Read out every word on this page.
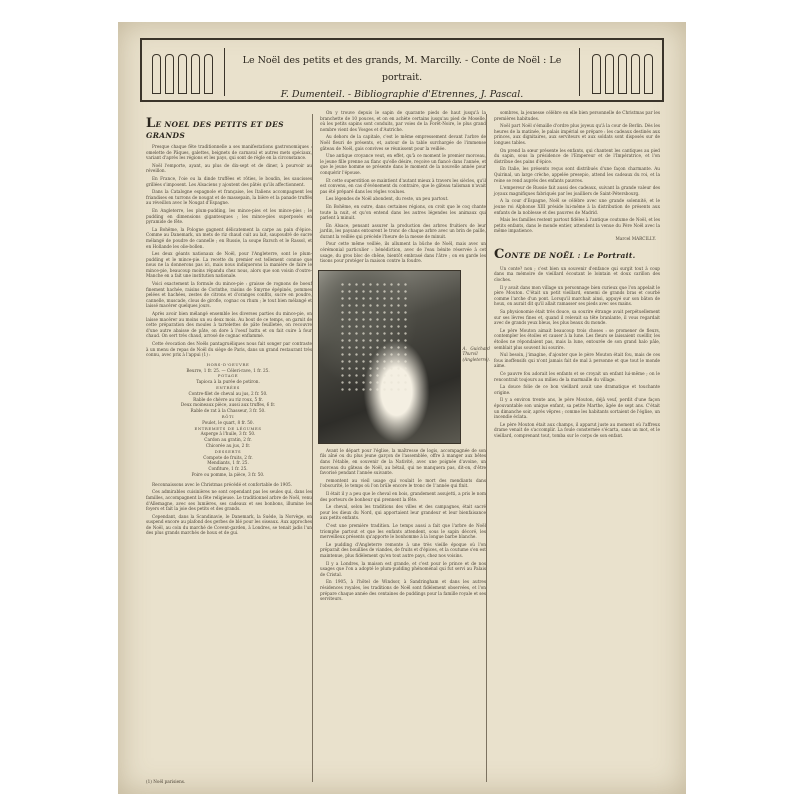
Le Noël des petits et des grands, M. Marcilly. - Conte de Noël : Le portrait.
F. Dumenteil. - Bibliographie d'Etrennes, J. Pascal.
LE NOEL DES PETITS ET DES GRANDS

Presque chaque fête traditionnelle a ses manifestations gastronomiques : omelette de Pâques, galettes, beignets de carnaval et autres mets spéciaux, variant d'après les régions et les pays, qui sont de règle en la circonstance.

Noël l'emporte, ayant, au plus de dix-sept et de diner, à pourvoir au réveillon.

En France, l'oie ou la dinde truffées et rôties, le boudin, les saucisses grillées s'imposent. Les Alsaciens y ajoutent des pâtés qu'ils affectionnent.

Dans la Catalogne espagnole et française, les Italiens accompagnent les friandises en turrons de nougat et de massepain, la bière et la panade truffés au réveillon avec le Nougat d'Espagne.

En Angleterre, les plum-pudding, les mince-pies et les mince-pies ; le pudding en dimensions gigantesques ; les mince-pies superposés en pyramide de fête.

La Bohême, la Pologne gagnent délicatement la carpe au pain d'épice. Comme au Danemark, un mets de riz chaud cuit au lait, saupoudré de sucre mélangé de poudre de cannelle ; en Russie, la soupe Barsch et le Rassol, et en Hollande les olie-bollen.

Les deux géants nationaux de Noël, pour l'Angleterre, sont le plum-pudding et le mince-pie. La recette du premier est tellement connue que nous ne la donnerons pas ici, mais nous indiquerons la manière de faire le mince-pie, beaucoup moins répandu chez nous, alors que son voisin d'outre-Manche en a fait une institution nationale.

Voici exactement la formule du mince-pie : graisse de rognons de boeuf finement hachée, raisins de Corinthe, raisins de Smyrne épépinés, pommes pelées et hachées, zestes de citrons et d'oranges confits, sucre en poudre, cannelle, muscade, clous de girofle, cognac ou rhum ; le tout bien mélangé et laissé macérer quelques jours.

Après avoir bien mélangé ensemble les diverses parties du mince-pie, on laisse macérer au moins un ou deux mois. Au bout de ce temps, on garnit de cette préparation des moules à tartelettes de pâte feuilletée, on recouvre d'une autre abaisse de pâte, on dore à l'oeuf battu et on fait cuire à four chaud. On sert très chaud, arrosé de cognac enflammé.

Cette évocation des Noëls pantagruéliques nous fait songer par contraste à un menu de repas de Noël du siège de Paris, dans un grand restaurant très connu, avec prix à l'appui (1) :

HORS-D'OEUVRE
Beurre, 1 fr. 25. — Céleri-rave, 1 fr. 25.
POTAGE
Tapioca à la purée de potiron.
ENTRÉES
Contre-filet de cheval au jus, 2 fr. 50.
Rable de chèvre au riz roux, 5 fr.
Deux moineaux pièce, aussi aux truffes, 6 fr.
Rable de rat à la Chasseur, 3 fr. 50.
RÔTI
Poulet, le quart, 8 fr. 50.
ENTREMETS DE LÉGUMES
Asperge à l'huile, 3 fr. 50.
Cardon au gratin, 2 fr.
Chicorée au jus, 2 fr.
DESSERTS
Compote de fruits, 2 fr.
Mendiants, 1 fr. 25.
Confiture, 1 fr. 25.
Poire ou pomme, la pièce, 3 fr. 50.

Reconnaissons avec le Christmas précédé et confortable de 1905.

Ces admirables cuisinières ne sont cependant pas les seules qui, dans les familles, accompagnent la fête religieuse. Le traditionnel arbre de Noël, venu d'Allemagne, avec ses lumières, ses cadeaux et ses bonbons, illumine les foyers et fait la joie des petits et des grands.

Cependant, dans la Scandinavie, le Danemark, la Suède, la Norvège, on suspend encore au plafond des gerbes de blé pour les oiseaux. Aux approches de Noël, au coin du marché de Covent-garden, à Londres, se tenait jadis l'un des plus grands marchés de houx et de gui.

On y trouve depuis le sapin de quarante pieds de haut jusqu'à la branchette de 10 pouces, et on en achète certains jusqu'au pied de Moselle, où les petits sapins sont conduits, par voies de la Forêt-Noire, le plus grand nombre vient des Vosges et d'Autriche.

Au dehors de la capitale, c'est le même empressement devant l'arbre de Noël fleuri de présents, et, autour de la table surchargée de l'immense gâteau de Noël, gais convives se réunissent pour la veillée.

Une antique croyance veut, en effet, qu'à ce moment le premier morceau, le jeune fille prenne au flanc qu'elle désire, reçoive un fiancé dans l'année, et que le jeune homme se présente dans le moment de la nouvelle année pour conquérir l'épouse.

Et cette superstition se maintient d'autant mieux à travers les siècles, qu'il est convenu, en cas d'évènement du contraire, que le gâteau talisman n'avait pas été préparé dans les règles voulues.

Les légendes de Noël abondent, du reste, un peu partout.

En Bohême, en outre, dans certaines régions, on croit que le coq chante toute la nuit, et qu'on entend dans les autres légendes les animaux qui parlent à minuit.

En Alsace, pensant assurer la production des arbres fruitiers de leur jardin, les paysans entourent le tronc de chaque arbre avec un brin de paille, durant la veillée qui précède l'heure de la messe de minuit.

Pour cette même veillée, ils allument la bûche de Noël, mais avec un cérémonial particulier : bénédiction, avec de l'eau bénite réservée à cet usage, du gros bloc de chêne, bientôt embrasé dans l'âtre ; on en garde les tisons pour protéger la maison contre la foudre.

A. Guichard Thurvil (Angleterre).

Avant le départ pour l'église, la maîtresse de logis, accompagnée de son fils aîné ou du plus jeune garçon de l'assemblée, offre à manger aux bêtes dans l'étable, en souvenir de la Nativité, avec une poignée d'avoine, un morceau du gâteau de Noël, au bétail, qui ne manquera pas, dit-on, d'être favorisé pendant l'année suivante.

remontent au vieil usage qui voulait le mort des mendiants dans l'obscurité, le temps où l'on brûle encore le tronc de 1'année qui finit.

Il était il y a peu que le cheval en bois, grandement assujetti, a pris le nom des porteurs de bonheur qui prennent la fête.

Le cheval, selon les traditions des villes et des campagnes, était sacré pour les dieux du Nord, qui apportaient leur grandeur et leur bienfaisance aux petits enfants.

C'est une première tradition. Le temps aussi a fait que l'arbre de Noël triomphe partout et que les enfants attendent, sous le sapin décoré, les merveilleux présents qu'apporte le bonhomme à la longue barbe blanche.

Le pudding d'Angleterre remonte à une très vieille époque où l'on préparait des bouillies de viandes, de fruits et d'épices, et la coutume s'en est maintenue, plus fidèlement qu'en tout autre pays, chez nos voisins.

Il y a Londres, la maison est grande, et c'est pour le prince et de nos usages que l'on a adopté le plum-pudding phénoménal qui fut servi au Palais de Cristal.

En 1905, à l'hôtel de Windsor, à Sandringham et dans les autres résidences royales, les traditions de Noël sont fidèlement observées, et l'on prépare chaque année des centaines de puddings pour la famille royale et ses serviteurs.

sombres, la jeunesse célèbre en elle bien personnelle de Christmas par les premières habitudes.

Noël part Noël s'émaille d'ordre plus joyeux qu'à la cour de Berlin. Dès les heures de la matinée, le palais impérial se prépare : les cadeaux destinés aux princes, aux dignitaires, aux serviteurs et aux soldats sont disposés sur de longues tables.

On prend la sœur présente les enfants, qui chantent les cantiques au pied du sapin, sous la présidence de l'Empereur et de l'Impératrice, et l'on distribue des pains d'épice.

En Italie, les présents reçus sont distribués d'une façon charmante. Au Quirinal, un large crèche, appelée presepio, attend les cadeaux du roi, et la reine se rend auprès des enfants pauvres.

L'empereur de Russie fait aussi des cadeaux, suivant la grande valeur des joyaux magnifiques fabriqués par les joailliers de Saint-Pétersbourg.

A la cour d'Espagne, Noël se célèbre avec une grande solennité, et le jeune roi Alphonse XIII préside lui-même à la distribution de présents aux enfants de la noblesse et des pauvres de Madrid.

Mais les familles restent partout fidèles à l'antique coutume de Noël, et les petits enfants, dans le monde entier, attendent la venue du Père Noël avec la même impatience.

Marcel MARCILLY.
CONTE DE NOËL : Le Portrait.

Un conte? non ; c'est bien un souvenir d'enfance qui surgit tout à coup dans ma mémoire de vieillard écoutant le lointain et doux carillon des cloches.

Il y avait dans mon village un personnage bien curieux que l'on appelait le père Mouton. C'était un petit vieillard, ennemi de grands bras et courbé comme l'arche d'un pont. Lorsqu'il marchait ainsi, appuyé sur son bâton de houx, on aurait dit qu'il allait ramasser ses pieds avec ses mains.

Sa physionomie était très douce, sa sourire étrange avait perpétuellement sur ses lèvres fines et, quand il relevait sa tête branlante, il vous regardait avec de grands yeux bleus, les plus beaux du monde.

Le père Mouton aimait beaucoup trois choses : se promener de fleurs, contempler les étoiles et causer à la lune. Les fleurs se laissaient cueillir, les étoiles ne répondaient pas, mais la lune, entourée de son grand halo pâle, semblait plus souvent lui sourire.

Nul besoin, j'imagine, d'ajouter que le père Mouton était fou, mais de ces fous inoffensifs qui n'ont jamais fait de mal à personne et que tout le monde aime.

Ce pauvre fou adorait les enfants et se croyait un enfant lui-même ; on le rencontrait toujours au milieu de la marmaille du village.

La douce folie de ce bon vieillard avait une dramatique et touchante origine.

Il y a environ trente ans, le père Mouton, déjà veuf, perdit d'une façon épouvantable son unique enfant, sa petite Marthe, âgée de sept ans. C'était un dimanche soir, après vêpres ; comme les habitants sortaient de l'église, un incendie éclata.

Le père Mouton était aux champs, il apparut juste au moment où l'affreux drame venait de s'accomplir. La foule consternée s'écarta, sans un mot, et le vieillard, comprenant tout, tomba sur le corps de son enfant.

(1) Noël parisiens.
